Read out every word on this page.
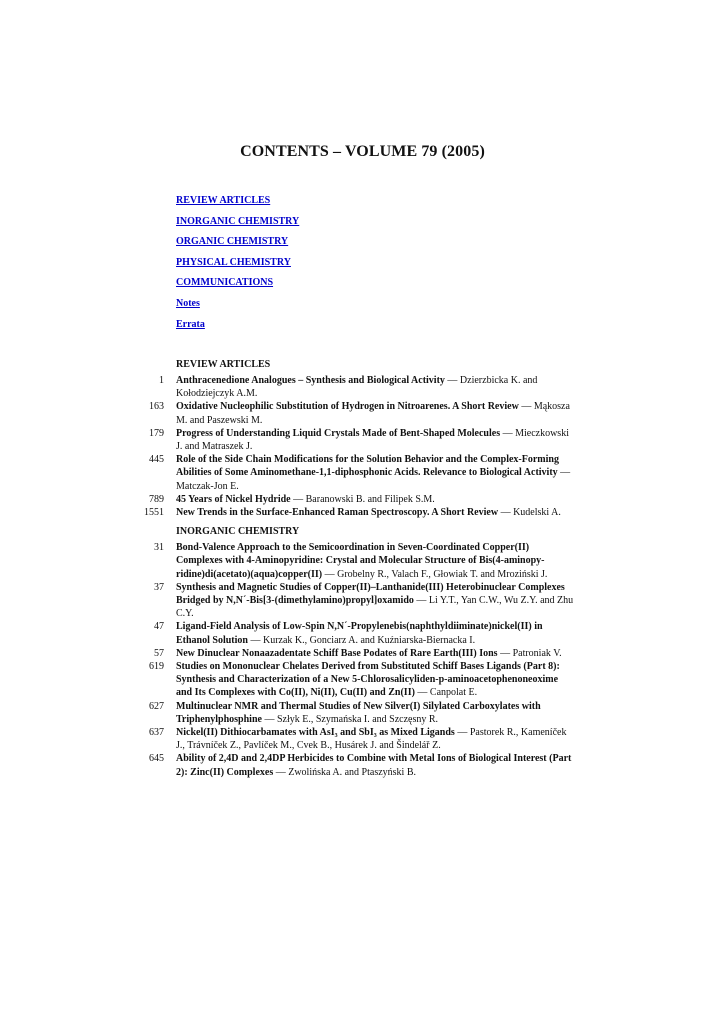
CONTENTS – VOLUME 79 (2005)
REVIEW ARTICLES
INORGANIC CHEMISTRY
ORGANIC CHEMISTRY
PHYSICAL CHEMISTRY
COMMUNICATIONS
Notes
Errata
REVIEW ARTICLES
1 Anthracenedione Analogues – Synthesis and Biological Activity — Dzierzbicka K. and Kołodziejczyk A.M.
163 Oxidative Nucleophilic Substitution of Hydrogen in Nitroarenes. A Short Review — Mąkosza M. and Paszewski M.
179 Progress of Understanding Liquid Crystals Made of Bent-Shaped Molecules — Mieczkowski J. and Matraszek J.
445 Role of the Side Chain Modifications for the Solution Behavior and the Complex-Forming Abilities of Some Aminomethane-1,1-diphosphonic Acids. Relevance to Biological Activity — Matczak-Jon E.
789 45 Years of Nickel Hydride — Baranowski B. and Filipek S.M.
1551 New Trends in the Surface-Enhanced Raman Spectroscopy. A Short Review — Kudelski A.
INORGANIC CHEMISTRY
31 Bond-Valence Approach to the Semicoordination in Seven-Coordinated Copper(II) Complexes with 4-Aminopyridine: Crystal and Molecular Structure of Bis(4-aminopy-ridine)di(acetato)(aqua)copper(II) — Grobelny R., Valach F., Głowiak T. and Mroziński J.
37 Synthesis and Magnetic Studies of Copper(II)–Lanthanide(III) Heterobinuclear Complexes Bridged by N,N´-Bis[3-(dimethylamino)propyl]oxamido — Li Y.T., Yan C.W., Wu Z.Y. and Zhu C.Y.
47 Ligand-Field Analysis of Low-Spin N,N´-Propylenebis(naphthyldiiminate)nickel(II) in Ethanol Solution — Kurzak K., Gonciarz A. and Kuźniarska-Biernacka I.
57 New Dinuclear Nonaazadentate Schiff Base Podates of Rare Earth(III) Ions — Patroniak V.
619 Studies on Mononuclear Chelates Derived from Substituted Schiff Bases Ligands (Part 8): Synthesis and Characterization of a New 5-Chlorosalicyliden-p-aminoacetophenoneoxime and Its Complexes with Co(II), Ni(II), Cu(II) and Zn(II) — Canpolat E.
627 Multinuclear NMR and Thermal Studies of New Silver(I) Silylated Carboxylates with Triphenylphosphine — Szłyk E., Szymańska I. and Szczęsny R.
637 Nickel(II) Dithiocarbamates with AsI₃ and SbI₃ as Mixed Ligands — Pastorek R., Kameníček J., Trávníček Z., Pavlíček M., Cvek B., Husárek J. and Šindelář Z.
645 Ability of 2,4D and 2,4DP Herbicides to Combine with Metal Ions of Biological Interest (Part 2): Zinc(II) Complexes — Zwolińska A. and Ptaszyński B.
